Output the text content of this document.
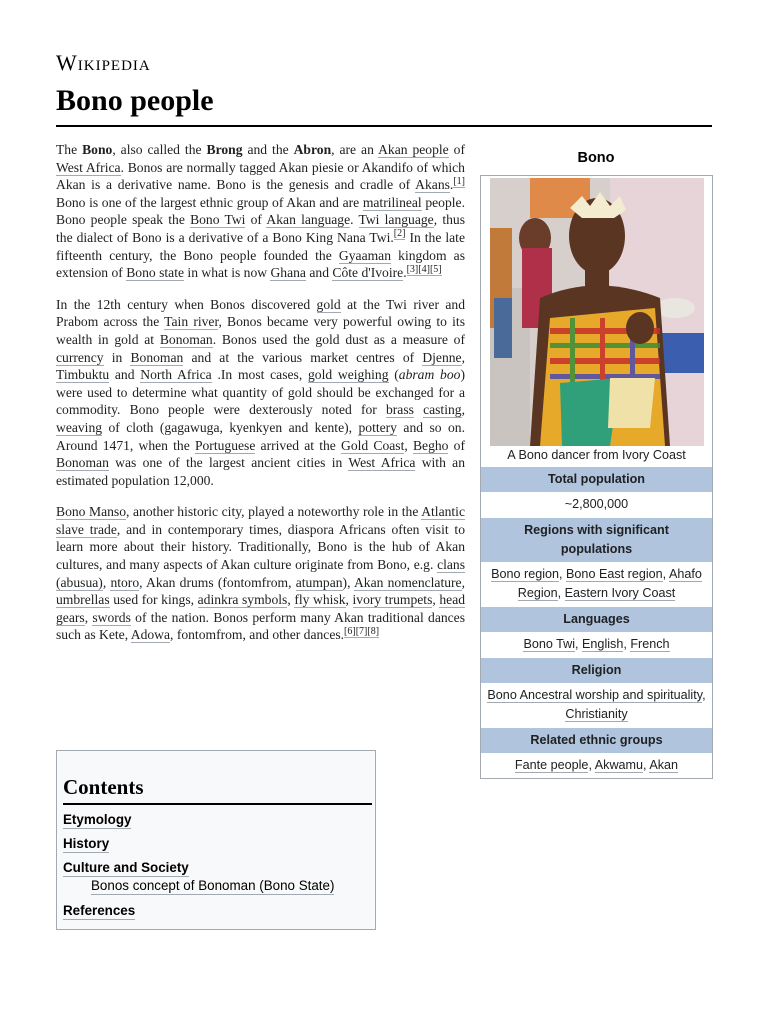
Wikipedia
Bono people

The Bono, also called the Brong and the Abron, are an Akan people of West Africa. Bonos are normally tagged Akan piesie or Akandifo of which Akan is a derivative name. Bono is the genesis and cradle of Akans.[1] Bono is one of the largest ethnic group of Akan and are matrilineal people. Bono people speak the Bono Twi of Akan language. Twi language, thus the dialect of Bono is a derivative of a Bono King Nana Twi.[2] In the late fifteenth century, the Bono people founded the Gyaaman kingdom as extension of Bono state in what is now Ghana and Côte d'Ivoire.[3][4][5]

In the 12th century when Bonos discovered gold at the Twi river and Prabom across the Tain river, Bonos became very powerful owing to its wealth in gold at Bonoman. Bonos used the gold dust as a measure of currency in Bonoman and at the various market centres of Djenne, Timbuktu and North Africa .In most cases, gold weighing (abram boo) were used to determine what quantity of gold should be exchanged for a commodity. Bono people were dexterously noted for brass casting, weaving of cloth (gagawuga, kyenkyen and kente), pottery and so on. Around 1471, when the Portuguese arrived at the Gold Coast, Begho of Bonoman was one of the largest ancient cities in West Africa with an estimated population 12,000.

Bono Manso, another historic city, played a noteworthy role in the Atlantic slave trade, and in contemporary times, diaspora Africans often visit to learn more about their history. Traditionally, Bono is the hub of Akan cultures, and many aspects of Akan culture originate from Bono, e.g. clans (abusua), ntoro, Akan drums (fontomfrom, atumpan), Akan nomenclature, umbrellas used for kings, adinkra symbols, fly whisk, ivory trumpets, head gears, swords of the nation. Bonos perform many Akan traditional dances such as Kete, Adowa, fontomfrom, and other dances.[6][7][8]

Bono
A Bono dancer from Ivory Coast
Total population
~2,800,000
Regions with significant populations
Bono region, Bono East region, Ahafo Region, Eastern Ivory Coast
Languages
Bono Twi, English, French
Religion
Bono Ancestral worship and spirituality, Christianity
Related ethnic groups
Fante people, Akwamu, Akan
Contents
Etymology
History
Culture and Society
Bonos concept of Bonoman (Bono State)
References
